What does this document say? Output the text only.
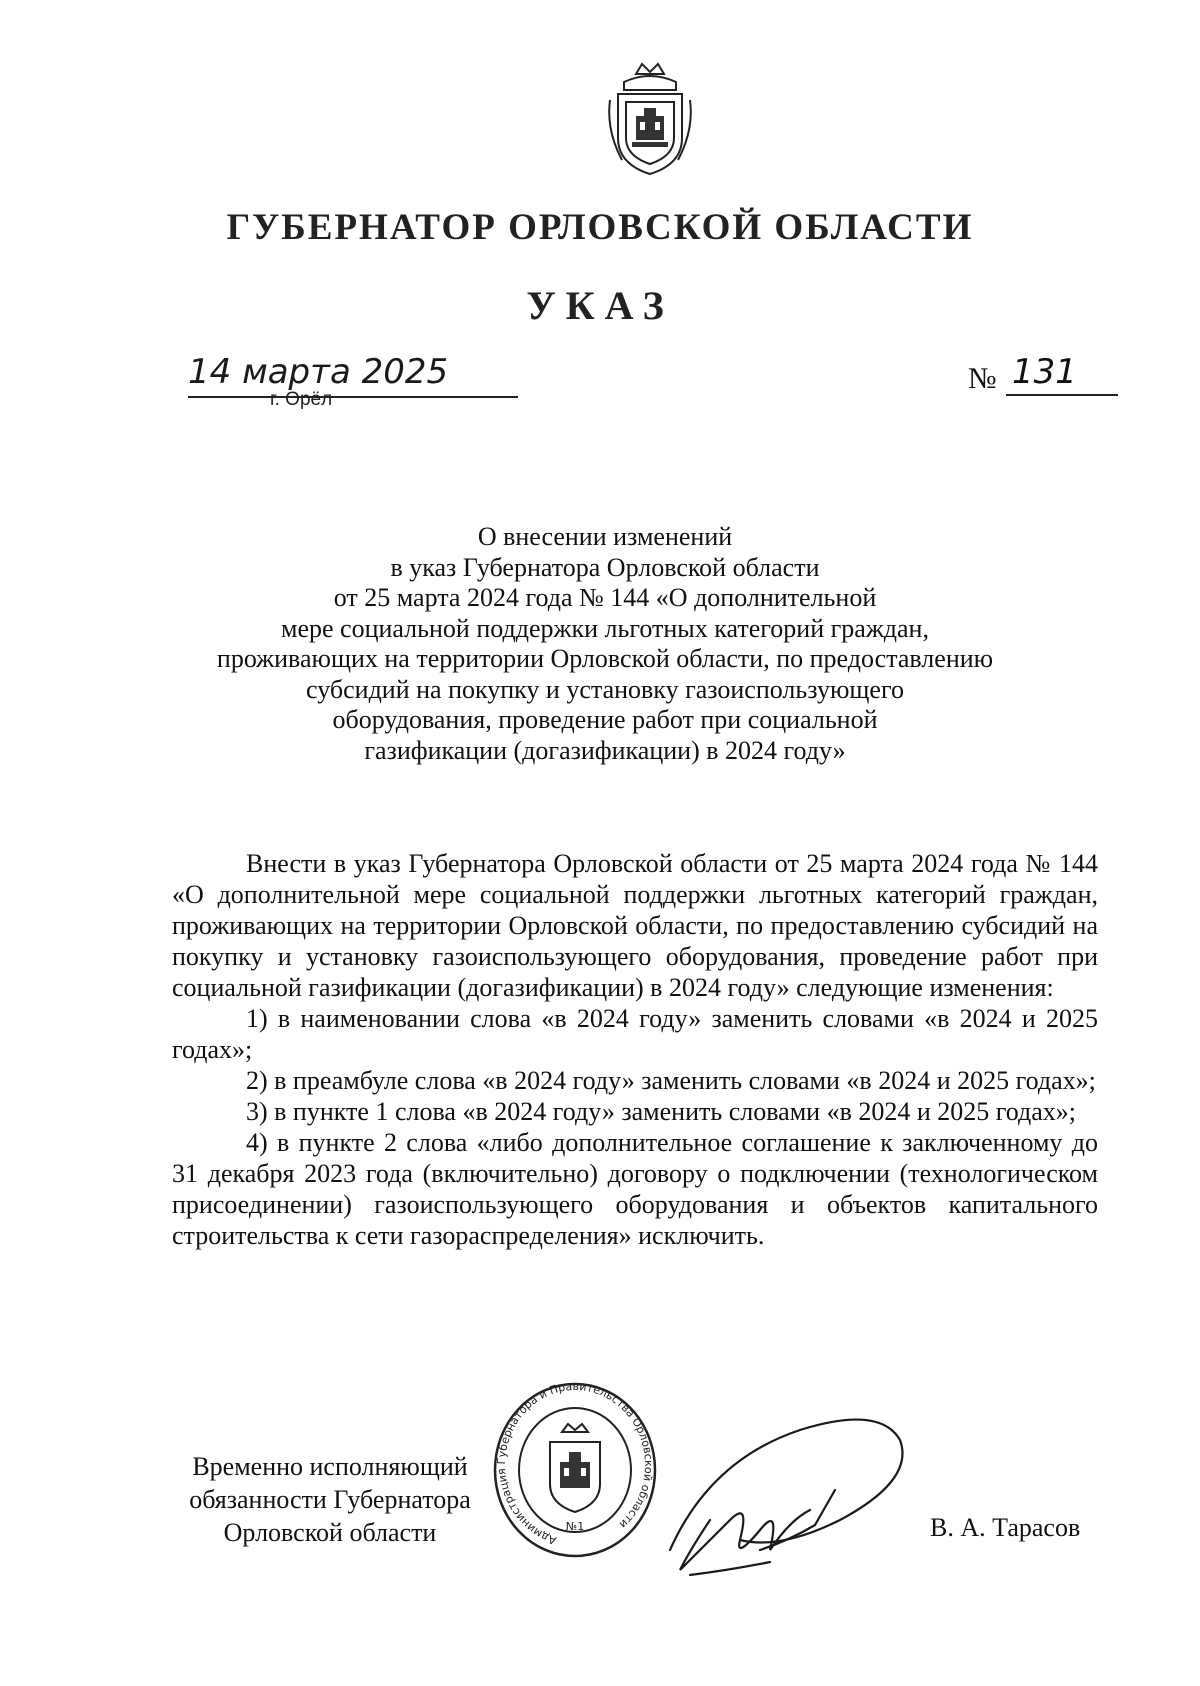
ГУБЕРНАТОР ОРЛОВСКОЙ ОБЛАСТИ
УКАЗ
14 марта 2025
г. Орёл
№ 131
О внесении изменений
в указ Губернатора Орловской области
от 25 марта 2024 года № 144 «О дополнительной
мере социальной поддержки льготных категорий граждан,
проживающих на территории Орловской области, по предоставлению
субсидий на покупку и установку газоиспользующего
оборудования, проведение работ при социальной
газификации (догазификации) в 2024 году»

Внести в указ Губернатора Орловской области от 25 марта 2024 года № 144 «О дополнительной мере социальной поддержки льготных категорий граждан, проживающих на территории Орловской области, по предоставлению субсидий на покупку и установку газоиспользующего оборудования, проведение работ при социальной газификации (догазификации) в 2024 году» следующие изменения:

1) в наименовании слова «в 2024 году» заменить словами «в 2024 и 2025 годах»;

2) в преамбуле слова «в 2024 году» заменить словами «в 2024 и 2025 годах»;

3) в пункте 1 слова «в 2024 году» заменить словами «в 2024 и 2025 годах»;

4) в пункте 2 слова «либо дополнительное соглашение к заключенному до 31 декабря 2023 года (включительно) договору о подключении (технологическом присоединении) газоиспользующего оборудования и объектов капитального строительства к сети газораспределения» исключить.

Временно исполняющий
обязанности Губернатора
Орловской области	Администрация Губернатора и Правительства Орловской области
№1	В. А. Тарасов
